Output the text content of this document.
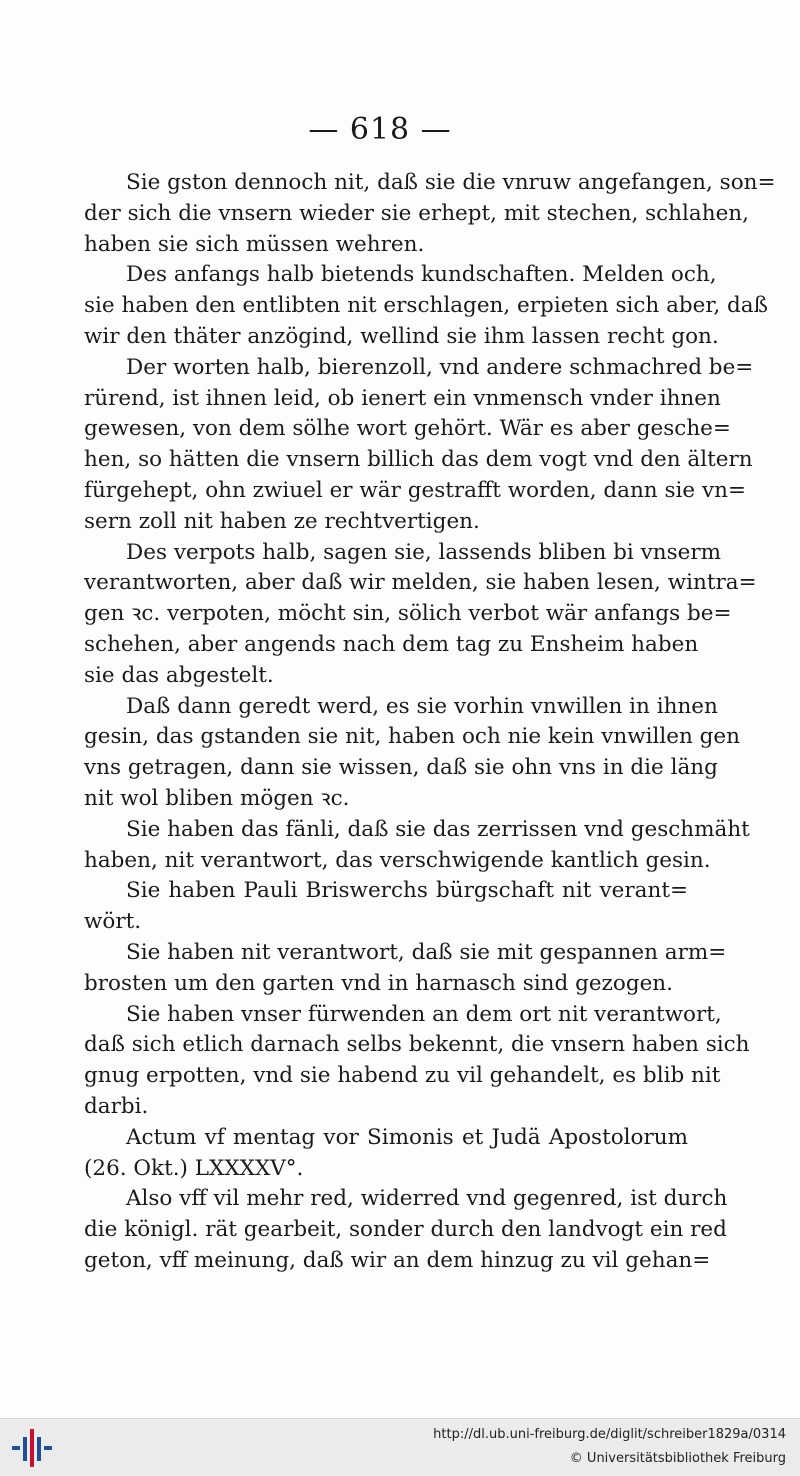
— 618 —
Sie gston dennoch nit, daß sie die vnruw angefangen, son=
der sich die vnsern wieder sie erhept, mit stechen, schlahen,
haben sie sich müssen wehren.
Des anfangs halb bietends kundschaften. Melden och,
sie haben den entlibten nit erschlagen, erpieten sich aber, daß
wir den thäter anzögind, wellind sie ihm lassen recht gon.
Der worten halb, bierenzoll, vnd andere schmachred be=
rürend, ist ihnen leid, ob ienert ein vnmensch vnder ihnen
gewesen, von dem sölhe wort gehört. Wär es aber gesche=
hen, so hätten die vnsern billich das dem vogt vnd den ältern
fürgehept, ohn zwiuel er wär gestrafft worden, dann sie vn=
sern zoll nit haben ze rechtvertigen.
Des verpots halb, sagen sie, lassends bliben bi vnserm
verantworten, aber daß wir melden, sie haben lesen, wintra=
gen ꝛc. verpoten, möcht sin, sölich verbot wär anfangs be=
schehen, aber angends nach dem tag zu Ensheim haben
sie das abgestelt.
Daß dann geredt werd, es sie vorhin vnwillen in ihnen
gesin, das gstanden sie nit, haben och nie kein vnwillen gen
vns getragen, dann sie wissen, daß sie ohn vns in die läng
nit wol bliben mögen ꝛc.
Sie haben das fänli, daß sie das zerrissen vnd geschmäht
haben, nit verantwort, das verschwigende kantlich gesin.
Sie haben Pauli Briswerchs bürgschaft nit verant=
wört.
Sie haben nit verantwort, daß sie mit gespannen arm=
brosten um den garten vnd in harnasch sind gezogen.
Sie haben vnser fürwenden an dem ort nit verantwort,
daß sich etlich darnach selbs bekennt, die vnsern haben sich
gnug erpotten, vnd sie habend zu vil gehandelt, es blib nit
darbi.
Actum vf mentag vor Simonis et Judä Apostolorum
(26. Okt.) LXXXXV°.
Also vff vil mehr red, widerred vnd gegenred, ist durch
die königl. rät gearbeit, sonder durch den landvogt ein red
geton, vff meinung, daß wir an dem hinzug zu vil gehan=
http://dl.ub.uni-freiburg.de/diglit/schreiber1829a/0314
© Universitätsbibliothek Freiburg
